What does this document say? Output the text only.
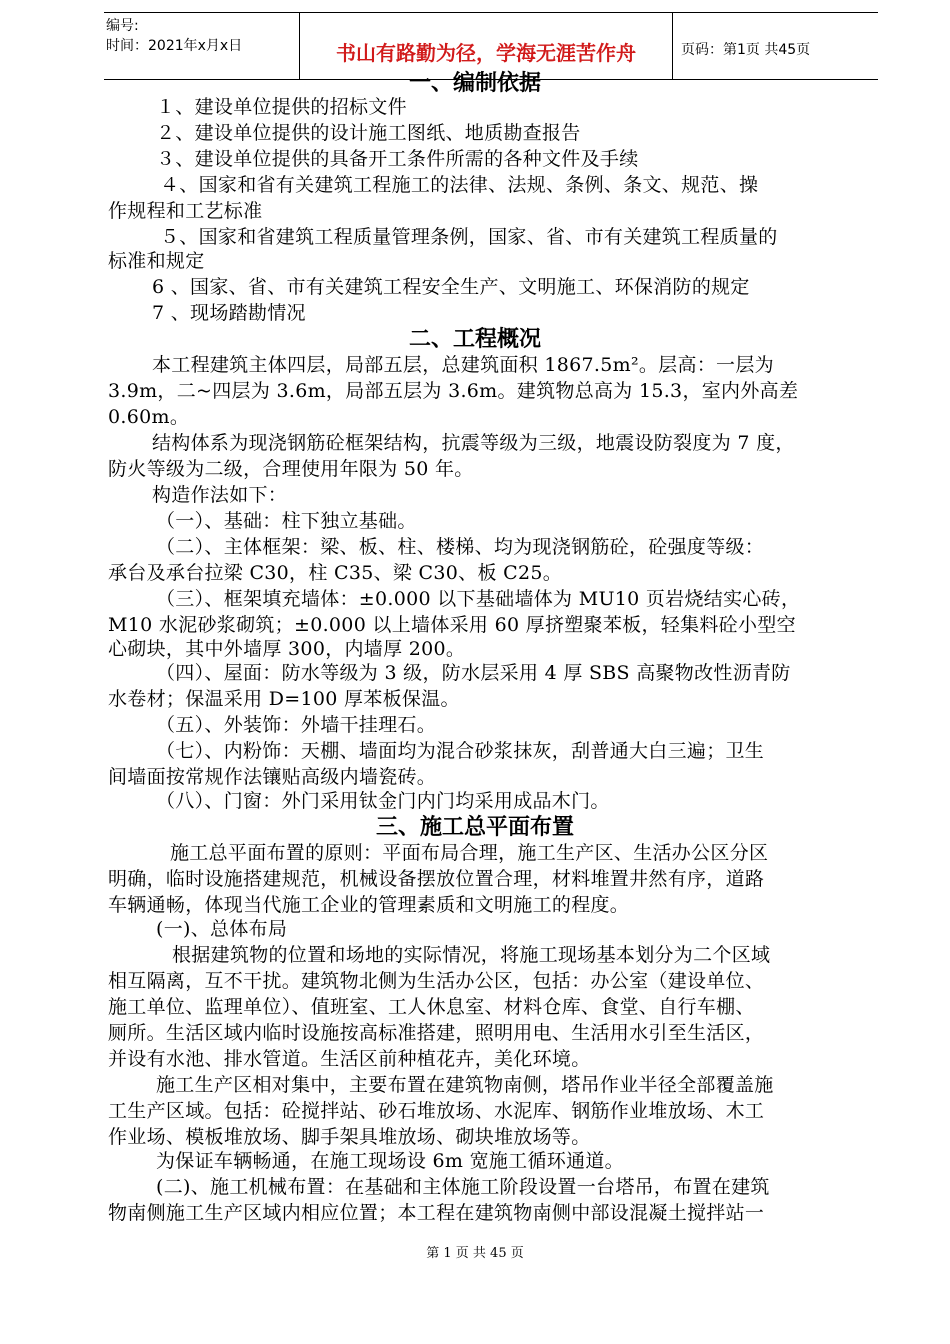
编号:
时间：2021年x月x日	书山有路勤为径，学海无涯苦作舟	页码：第1页 共45页
一、编制依据
１、建设单位提供的招标文件
２、建设单位提供的设计施工图纸、地质勘查报告
３、建设单位提供的具备开工条件所需的各种文件及手续
４、国家和省有关建筑工程施工的法律、法规、条例、条文、规范、操
作规程和工艺标准
５、国家和省建筑工程质量管理条例，国家、省、市有关建筑工程质量的
标准和规定
6 、国家、省、市有关建筑工程安全生产、文明施工、环保消防的规定
7 、现场踏勘情况
二、工程概况
本工程建筑主体四层，局部五层，总建筑面积 1867.5m²。层高：一层为
3.9m，二~四层为 3.6m，局部五层为 3.6m。建筑物总高为 15.3，室内外高差
0.60m。
结构体系为现浇钢筋砼框架结构，抗震等级为三级，地震设防裂度为 7 度，
防火等级为二级，合理使用年限为 50 年。
构造作法如下：
（一）、基础：柱下独立基础。
（二）、主体框架：梁、板、柱、楼梯、均为现浇钢筋砼，砼强度等级：
承台及承台拉梁 C30，柱 C35、梁 C30、板 C25。
（三）、框架填充墙体：±0.000 以下基础墙体为 MU10 页岩烧结实心砖，
M10 水泥砂浆砌筑；±0.000 以上墙体采用 60 厚挤塑聚苯板，轻集料砼小型空
心砌块，其中外墙厚 300，内墙厚 200。
（四）、屋面：防水等级为 3 级，防水层采用 4 厚 SBS 高聚物改性沥青防
水卷材；保温采用 D=100 厚苯板保温。
（五）、外装饰：外墙干挂理石。
（七）、内粉饰：天棚、墙面均为混合砂浆抹灰，刮普通大白三遍；卫生
间墙面按常规作法镶贴高级内墙瓷砖。
（八）、门窗：外门采用钛金门内门均采用成品木门。
三、施工总平面布置
施工总平面布置的原则：平面布局合理，施工生产区、生活办公区分区
明确，临时设施搭建规范，机械设备摆放位置合理，材料堆置井然有序，道路
车辆通畅，体现当代施工企业的管理素质和文明施工的程度。
(一)、总体布局
根据建筑物的位置和场地的实际情况，将施工现场基本划分为二个区域
相互隔离，互不干扰。建筑物北侧为生活办公区，包括：办公室（建设单位、
施工单位、监理单位）、值班室、工人休息室、材料仓库、食堂、自行车棚、
厕所。生活区域内临时设施按高标准搭建，照明用电、生活用水引至生活区，
并设有水池、排水管道。生活区前种植花卉，美化环境。
施工生产区相对集中，主要布置在建筑物南侧，塔吊作业半径全部覆盖施
工生产区域。包括：砼搅拌站、砂石堆放场、水泥库、钢筋作业堆放场、木工
作业场、模板堆放场、脚手架具堆放场、砌块堆放场等。
为保证车辆畅通，在施工现场设 6m 宽施工循环通道。
(二)、施工机械布置：在基础和主体施工阶段设置一台塔吊，布置在建筑
物南侧施工生产区域内相应位置；本工程在建筑物南侧中部设混凝土搅拌站一
第 1 页 共 45 页
